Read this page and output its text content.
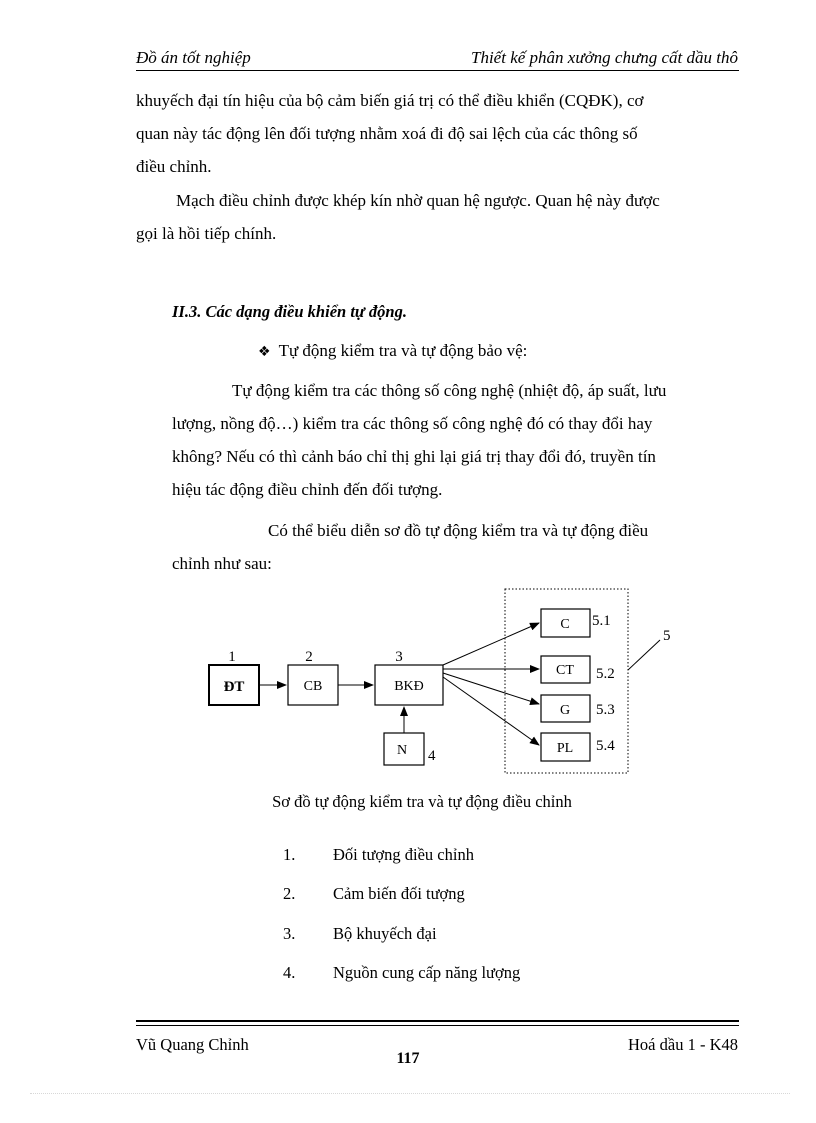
Đồ án tốt nghiệp	Thiết kế phân xưởng chưng cất dầu thô
khuyếch đại tín hiệu của bộ cảm biến giá trị có thể điều khiển (CQĐK), cơ
quan này tác động lên đối tượng nhằm xoá đi độ sai lệch của các thông số
điều chỉnh.
Mạch điều chỉnh được khép kín nhờ quan hệ ngược. Quan hệ này được
gọi là hồi tiếp chính.
II.3. Các dạng điều khiển tự động.
❖ Tự động kiểm tra và tự động bảo vệ:
Tự động kiểm tra các thông số công nghệ (nhiệt độ, áp suất, lưu
lượng, nồng độ…) kiểm tra các thông số công nghệ đó có thay đổi hay
không? Nếu có thì cảnh báo chỉ thị ghi lại giá trị thay đổi đó, truyền tín
hiệu tác động điều chỉnh đến đối tượng.
Có thể biểu diễn sơ đồ tự động kiểm tra và tự động điều
chỉnh như sau:
ĐT	CB	BKĐ
N
C
CT
G
PL
1	2	3
4
5
5.1
5.2
5.3
5.4
Sơ đồ tự động kiểm tra và tự động điều chỉnh
1. Đối tượng điều chỉnh
2. Cảm biến đối tượng
3. Bộ khuyếch đại
4. Nguồn cung cấp năng lượng
Vũ Quang Chỉnh	Hoá dầu 1 - K48
117
